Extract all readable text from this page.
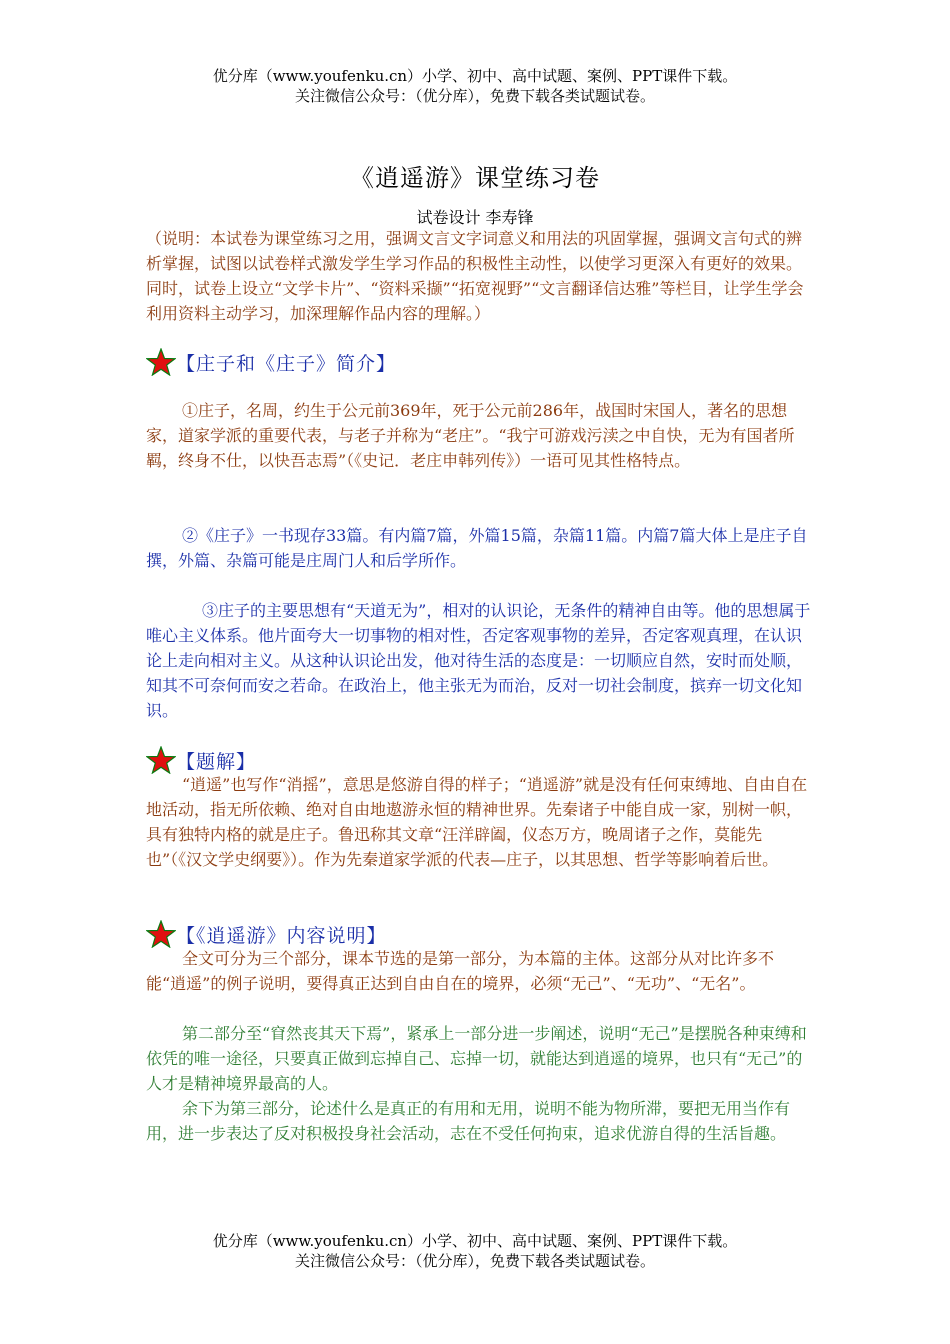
优分库（www.youfenku.cn）小学、初中、高中试题、案例、PPT课件下载。
关注微信公众号：（优分库），免费下载各类试题试卷。
《逍遥游》课堂练习卷
试卷设计 李寿锋
（说明：本试卷为课堂练习之用，强调文言文字词意义和用法的巩固掌握，强调文言句式的辨析掌握，试图以试卷样式激发学生学习作品的积极性主动性，以使学习更深入有更好的效果。同时，试卷上设立“文学卡片”、“资料采撷”“拓宽视野”“文言翻译信达雅”等栏目，让学生学会利用资料主动学习，加深理解作品内容的理解。）
【庄子和《庄子》简介】
①庄子，名周，约生于公元前369年，死于公元前286年，战国时宋国人，著名的思想家，道家学派的重要代表，与老子并称为“老庄”。“我宁可游戏污渎之中自快，无为有国者所羁，终身不仕，以快吾志焉”（《史记．老庄申韩列传》）一语可见其性格特点。
②《庄子》一书现存33篇。有内篇7篇，外篇15篇，杂篇11篇。内篇7篇大体上是庄子自撰，外篇、杂篇可能是庄周门人和后学所作。
③庄子的主要思想有“天道无为”，相对的认识论，无条件的精神自由等。他的思想属于唯心主义体系。他片面夸大一切事物的相对性，否定客观事物的差异，否定客观真理，在认识论上走向相对主义。从这种认识论出发，他对待生活的态度是：一切顺应自然，安时而处顺，知其不可奈何而安之若命。在政治上，他主张无为而治，反对一切社会制度，摈弃一切文化知识。
【题解】
“逍遥”也写作“消摇”，意思是悠游自得的样子；“逍遥游”就是没有任何束缚地、自由自在地活动，指无所依赖、绝对自由地遨游永恒的精神世界。先秦诸子中能自成一家，别树一帜，具有独特内格的就是庄子。鲁迅称其文章“汪洋辟阖，仪态万方，晚周诸子之作，莫能先也”（《汉文学史纲要》）。作为先秦道家学派的代表—庄子，以其思想、哲学等影响着后世。
【《逍遥游》内容说明】
全文可分为三个部分，课本节选的是第一部分，为本篇的主体。这部分从对比许多不能“逍遥”的例子说明，要得真正达到自由自在的境界，必须“无己”、“无功”、“无名”。
第二部分至“窅然丧其天下焉”，紧承上一部分进一步阐述，说明“无己”是摆脱各种束缚和依凭的唯一途径，只要真正做到忘掉自己、忘掉一切，就能达到逍遥的境界，也只有“无己”的人才是精神境界最高的人。
余下为第三部分，论述什么是真正的有用和无用，说明不能为物所滞，要把无用当作有用，进一步表达了反对积极投身社会活动，志在不受任何拘束，追求优游自得的生活旨趣。
优分库（www.youfenku.cn）小学、初中、高中试题、案例、PPT课件下载。
关注微信公众号：（优分库），免费下载各类试题试卷。
